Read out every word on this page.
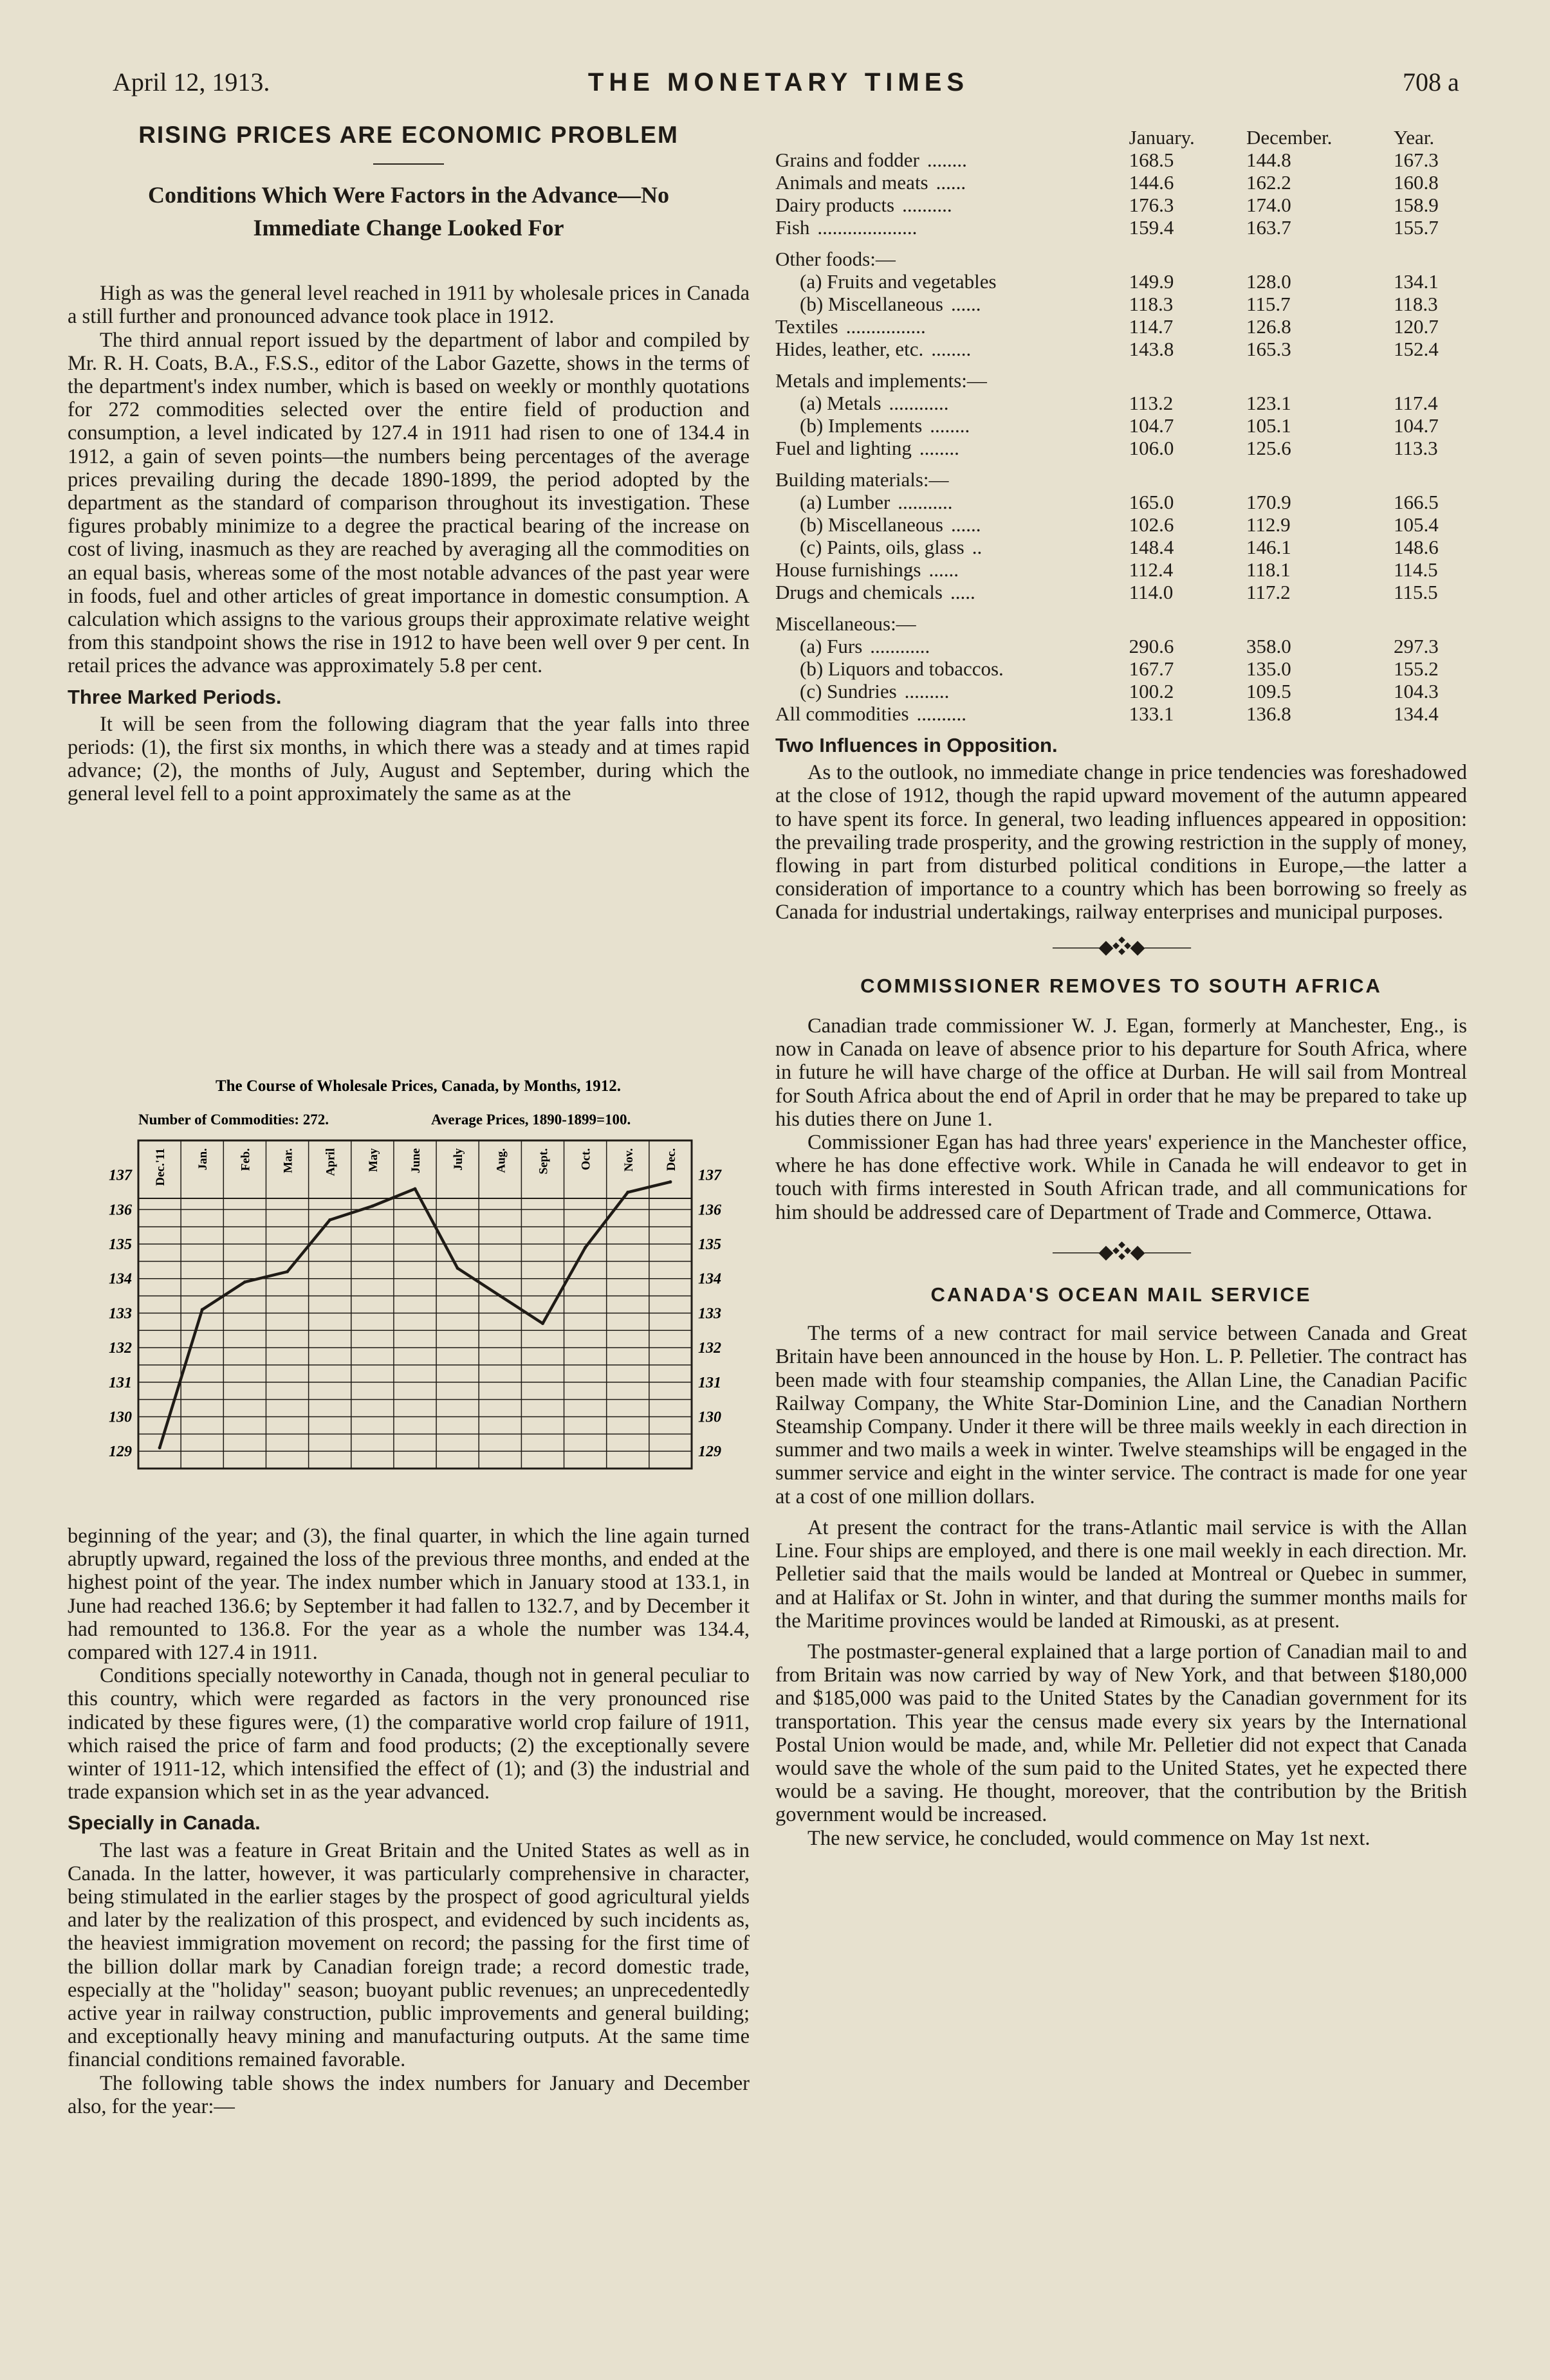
April 12, 1913.	THE MONETARY TIMES	708 a
RISING PRICES ARE ECONOMIC PROBLEM
Conditions Which Were Factors in the Advance—No Immediate Change Looked For

High as was the general level reached in 1911 by wholesale prices in Canada a still further and pronounced advance took place in 1912.

The third annual report issued by the department of labor and compiled by Mr. R. H. Coats, B.A., F.S.S., editor of the Labor Gazette, shows in the terms of the department's index number, which is based on weekly or monthly quotations for 272 commodities selected over the entire field of production and consumption, a level indicated by 127.4 in 1911 had risen to one of 134.4 in 1912, a gain of seven points—the numbers being percentages of the average prices prevailing during the decade 1890-1899, the period adopted by the department as the standard of comparison throughout its investigation. These figures probably minimize to a degree the practical bearing of the increase on cost of living, inasmuch as they are reached by averaging all the commodities on an equal basis, whereas some of the most notable advances of the past year were in foods, fuel and other articles of great importance in domestic consumption. A calculation which assigns to the various groups their approximate relative weight from this standpoint shows the rise in 1912 to have been well over 9 per cent. In retail prices the advance was approximately 5.8 per cent.

Three Marked Periods.

It will be seen from the following diagram that the year falls into three periods: (1), the first six months, in which there was a steady and at times rapid advance; (2), the months of July, August and September, during which the general level fell to a point approximately the same as at the

The Course of Wholesale Prices, Canada, by Months, 1912.
Number of Commodities: 272.	Average Prices, 1890-1899=100.
Dec.'11 Jan. Feb. Mar. April May June July Aug. Sept. Oct. Nov. Dec.
129	129
130	130
131	131
132	132
133	133
134	134
135	135
136	136
137	137

beginning of the year; and (3), the final quarter, in which the line again turned abruptly upward, regained the loss of the previous three months, and ended at the highest point of the year. The index number which in January stood at 133.1, in June had reached 136.6; by September it had fallen to 132.7, and by December it had remounted to 136.8. For the year as a whole the number was 134.4, compared with 127.4 in 1911.

Conditions specially noteworthy in Canada, though not in general peculiar to this country, which were regarded as factors in the very pronounced rise indicated by these figures were, (1) the comparative world crop failure of 1911, which raised the price of farm and food products; (2) the exceptionally severe winter of 1911-12, which intensified the effect of (1); and (3) the industrial and trade expansion which set in as the year advanced.

Specially in Canada.

The last was a feature in Great Britain and the United States as well as in Canada. In the latter, however, it was particularly comprehensive in character, being stimulated in the earlier stages by the prospect of good agricultural yields and later by the realization of this prospect, and evidenced by such incidents as, the heaviest immigration movement on record; the passing for the first time of the billion dollar mark by Canadian foreign trade; a record domestic trade, especially at the "holiday" season; buoyant public revenues; an unprecedentedly active year in railway construction, public improvements and general building; and exceptionally heavy mining and manufacturing outputs. At the same time financial conditions remained favorable.

The following table shows the index numbers for January and December also, for the year:—

	January.	December.	Year.
Grains and fodder ........	168.5	144.8	167.3
Animals and meats ......	144.6	162.2	160.8
Dairy products ..........	176.3	174.0	158.9
Fish ....................	159.4	163.7	155.7
Other foods:—			
(a) Fruits and vegetables	149.9	128.0	134.1
(b) Miscellaneous ......	118.3	115.7	118.3
Textiles ................	114.7	126.8	120.7
Hides, leather, etc. ........	143.8	165.3	152.4
Metals and implements:—			
(a) Metals ............	113.2	123.1	117.4
(b) Implements ........	104.7	105.1	104.7
Fuel and lighting ........	106.0	125.6	113.3
Building materials:—			
(a) Lumber ...........	165.0	170.9	166.5
(b) Miscellaneous ......	102.6	112.9	105.4
(c) Paints, oils, glass ..	148.4	146.1	148.6
House furnishings ......	112.4	118.1	114.5
Drugs and chemicals .....	114.0	117.2	115.5
Miscellaneous:—			
(a) Furs ............	290.6	358.0	297.3
(b) Liquors and tobaccos.	167.7	135.0	155.2
(c) Sundries .........	100.2	109.5	104.3
All commodities ..........	133.1	136.8	134.4
Two Influences in Opposition.

As to the outlook, no immediate change in price tendencies was foreshadowed at the close of 1912, though the rapid upward movement of the autumn appeared to have spent its force. In general, two leading influences appeared in opposition: the prevailing trade prosperity, and the growing restriction in the supply of money, flowing in part from disturbed political conditions in Europe,—the latter a consideration of importance to a country which has been borrowing so freely as Canada for industrial undertakings, railway enterprises and municipal purposes.

⸻◆❖◆⸻
COMMISSIONER REMOVES TO SOUTH AFRICA

Canadian trade commissioner W. J. Egan, formerly at Manchester, Eng., is now in Canada on leave of absence prior to his departure for South Africa, where in future he will have charge of the office at Durban. He will sail from Montreal for South Africa about the end of April in order that he may be prepared to take up his duties there on June 1.

Commissioner Egan has had three years' experience in the Manchester office, where he has done effective work. While in Canada he will endeavor to get in touch with firms interested in South African trade, and all communications for him should be addressed care of Department of Trade and Commerce, Ottawa.

⸻◆❖◆⸻
CANADA'S OCEAN MAIL SERVICE

The terms of a new contract for mail service between Canada and Great Britain have been announced in the house by Hon. L. P. Pelletier. The contract has been made with four steamship companies, the Allan Line, the Canadian Pacific Railway Company, the White Star-Dominion Line, and the Canadian Northern Steamship Company. Under it there will be three mails weekly in each direction in summer and two mails a week in winter. Twelve steamships will be engaged in the summer service and eight in the winter service. The contract is made for one year at a cost of one million dollars.

At present the contract for the trans-Atlantic mail service is with the Allan Line. Four ships are employed, and there is one mail weekly in each direction. Mr. Pelletier said that the mails would be landed at Montreal or Quebec in summer, and at Halifax or St. John in winter, and that during the summer months mails for the Maritime provinces would be landed at Rimouski, as at present.

The postmaster-general explained that a large portion of Canadian mail to and from Britain was now carried by way of New York, and that between $180,000 and $185,000 was paid to the United States by the Canadian government for its transportation. This year the census made every six years by the International Postal Union would be made, and, while Mr. Pelletier did not expect that Canada would save the whole of the sum paid to the United States, yet he expected there would be a saving. He thought, moreover, that the contribution by the British government would be increased.

The new service, he concluded, would commence on May 1st next.
